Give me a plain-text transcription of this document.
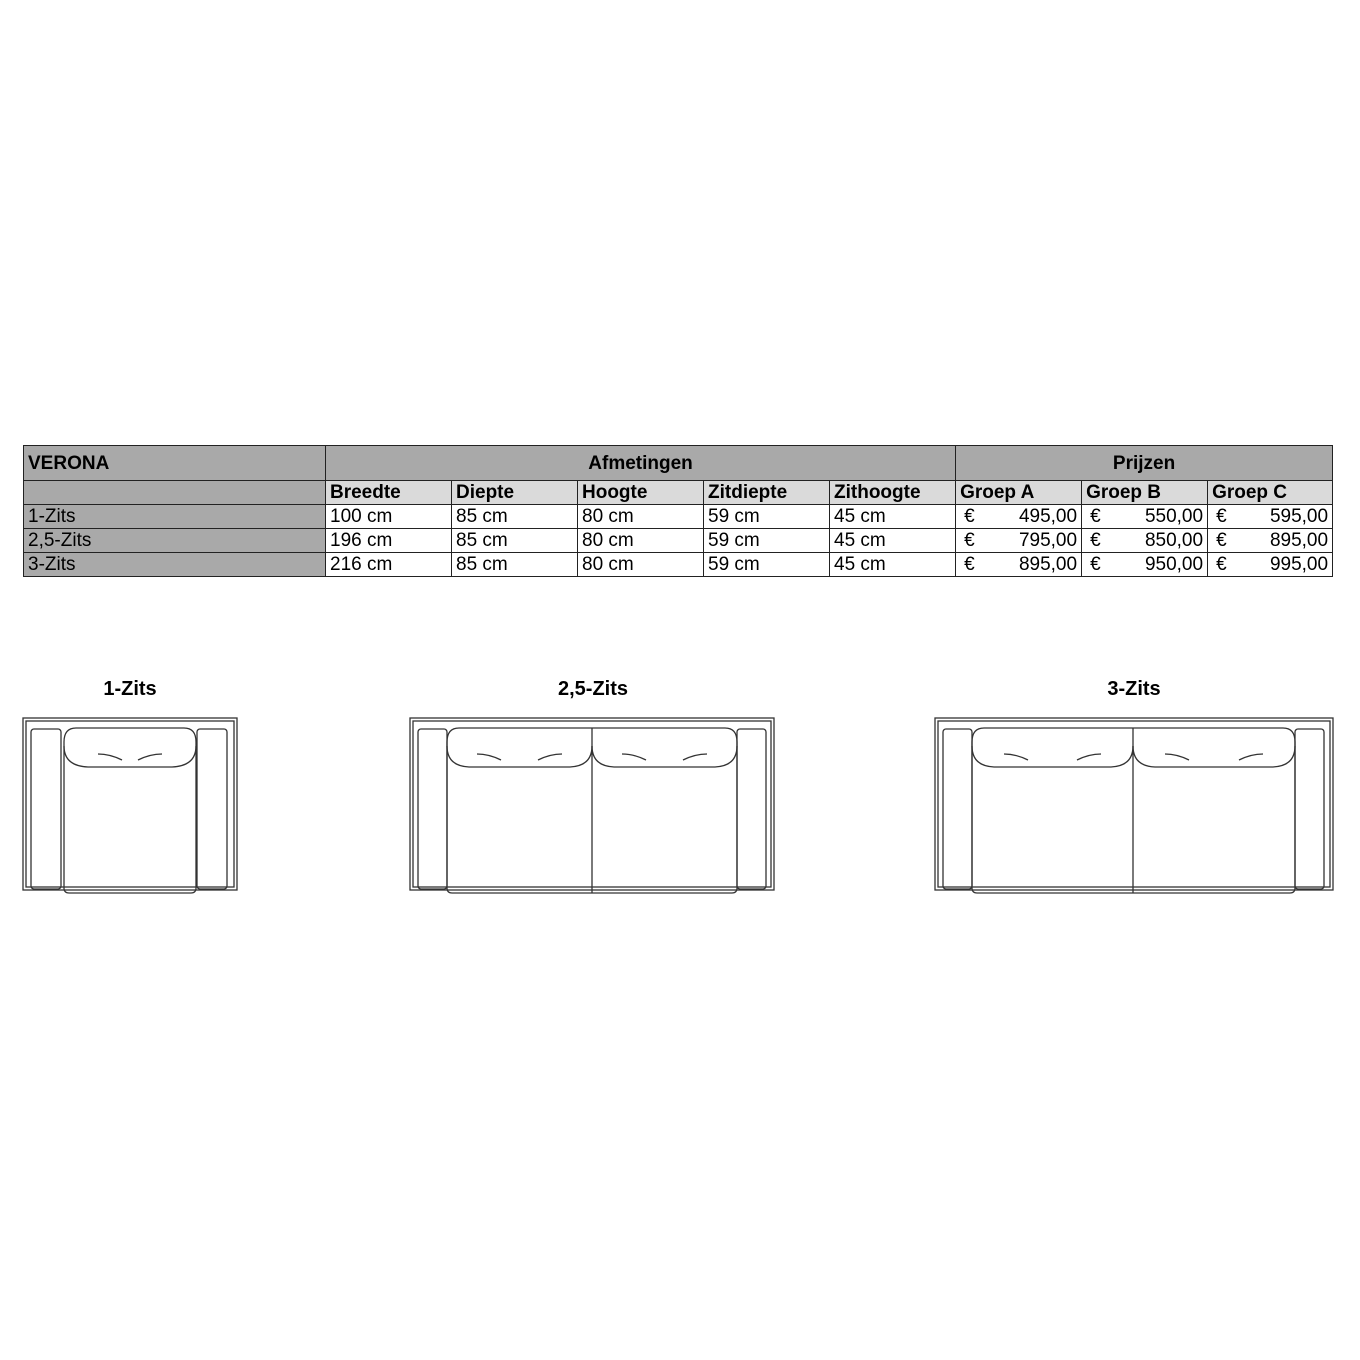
VERONA	Afmetingen					Prijzen		
	Breedte	Diepte	Hoogte	Zitdiepte	Zithoogte	Groep A	Groep B	Groep C
1-Zits	100 cm	85 cm	80 cm	59 cm	45 cm	€ 495,00	€ 550,00	€ 595,00

2,5-Zits	196 cm	85 cm	80 cm	59 cm	45 cm	€ 795,00	€ 850,00	€ 895,00

3-Zits	216 cm	85 cm	80 cm	59 cm	45 cm	€ 895,00	€ 950,00	€ 995,00
1-Zits	2,5-Zits	3-Zits
